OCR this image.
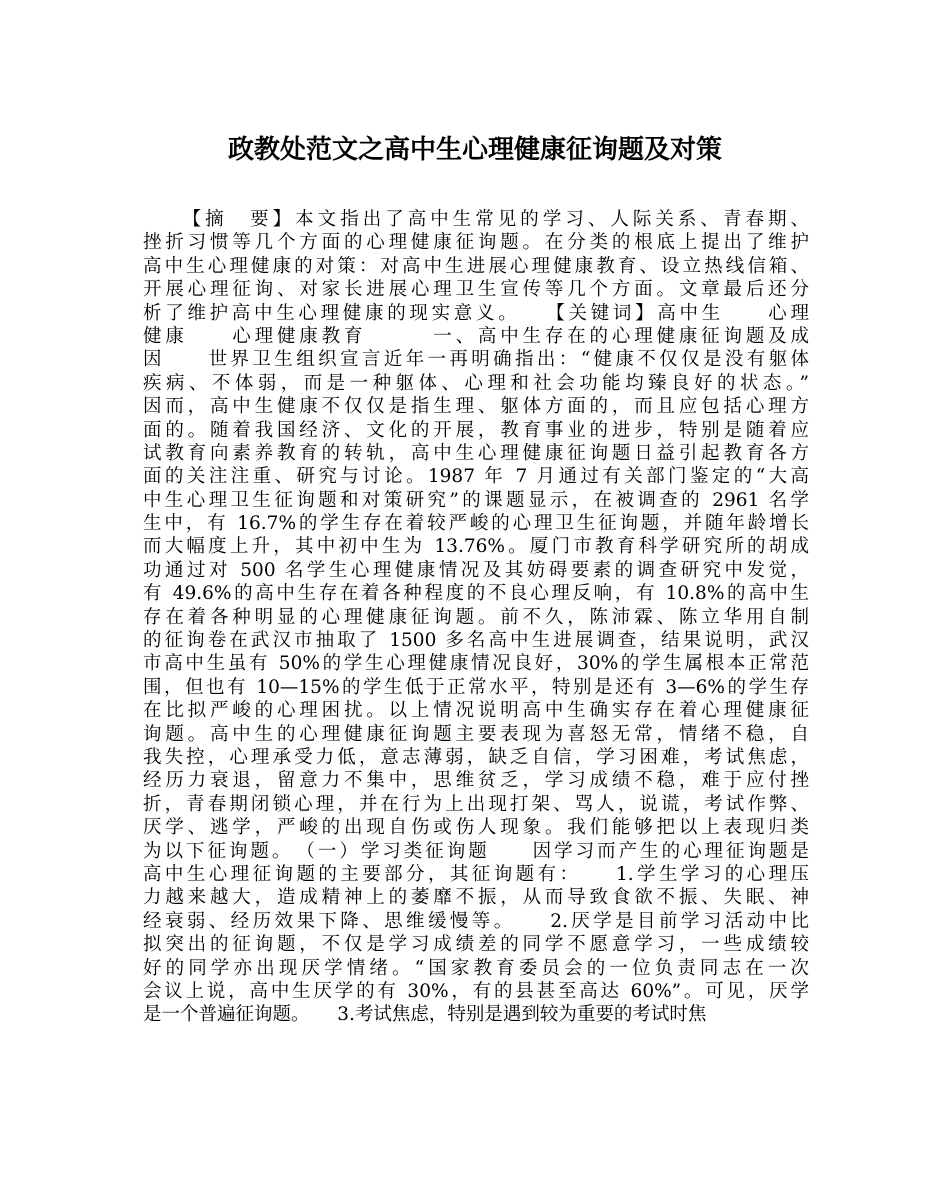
政教处范文之高中生心理健康征询题及对策
【摘　要】本文指出了高中生常见的学习、人际关系、青春期、
挫折习惯等几个方面的心理健康征询题。在分类的根底上提出了维护
高中生心理健康的对策：对高中生进展心理健康教育、设立热线信箱、
开展心理征询、对家长进展心理卫生宣传等几个方面。文章最后还分
析了维护高中生心理健康的现实意义。　　【关键词】高中生　　心理
健康　　心理健康教育　　　一、高中生存在的心理健康征询题及成
因　　世界卫生组织宣言近年一再明确指出：“健康不仅仅是没有躯体
疾病、不体弱，而是一种躯体、心理和社会功能均臻良好的状态。”
因而，高中生健康不仅仅是指生理、躯体方面的，而且应包括心理方
面的。随着我国经济、文化的开展，教育事业的进步，特别是随着应
试教育向素养教育的转轨，高中生心理健康征询题日益引起教育各方
面的关注注重、研究与讨论。1987 年 7 月通过有关部门鉴定的“大高
中生心理卫生征询题和对策研究”的课题显示，在被调查的 2961 名学
生中，有 16.7%的学生存在着较严峻的心理卫生征询题，并随年龄增长
而大幅度上升，其中初中生为 13.76%。厦门市教育科学研究所的胡成
功通过对 500 名学生心理健康情况及其妨碍要素的调查研究中发觉，
有 49.6%的高中生存在着各种程度的不良心理反响，有 10.8%的高中生
存在着各种明显的心理健康征询题。前不久，陈沛霖、陈立华用自制
的征询卷在武汉市抽取了 1500 多名高中生进展调查，结果说明，武汉
市高中生虽有 50%的学生心理健康情况良好，30%的学生属根本正常范
围，但也有 10—15%的学生低于正常水平，特别是还有 3—6%的学生存
在比拟严峻的心理困扰。以上情况说明高中生确实存在着心理健康征
询题。高中生的心理健康征询题主要表现为喜怒无常，情绪不稳，自
我失控，心理承受力低，意志薄弱，缺乏自信，学习困难，考试焦虑，
经历力衰退，留意力不集中，思维贫乏，学习成绩不稳，难于应付挫
折，青春期闭锁心理，并在行为上出现打架、骂人，说谎，考试作弊、
厌学、逃学，严峻的出现自伤或伤人现象。我们能够把以上表现归类
为以下征询题。　（一）学习类征询题　　因学习而产生的心理征询题是
高中生心理征询题的主要部分，其征询题有：　　1.学生学习的心理压
力越来越大，造成精神上的萎靡不振，从而导致食欲不振、失眠、神
经衰弱、经历效果下降、思维缓慢等。　　2.厌学是目前学习活动中比
拟突出的征询题，不仅是学习成绩差的同学不愿意学习，一些成绩较
好的同学亦出现厌学情绪。“国家教育委员会的一位负责同志在一次
会议上说，高中生厌学的有 30%，有的县甚至高达 60%”。可见，厌学
是一个普遍征询题。　　3.考试焦虑，特别是遇到较为重要的考试时焦
